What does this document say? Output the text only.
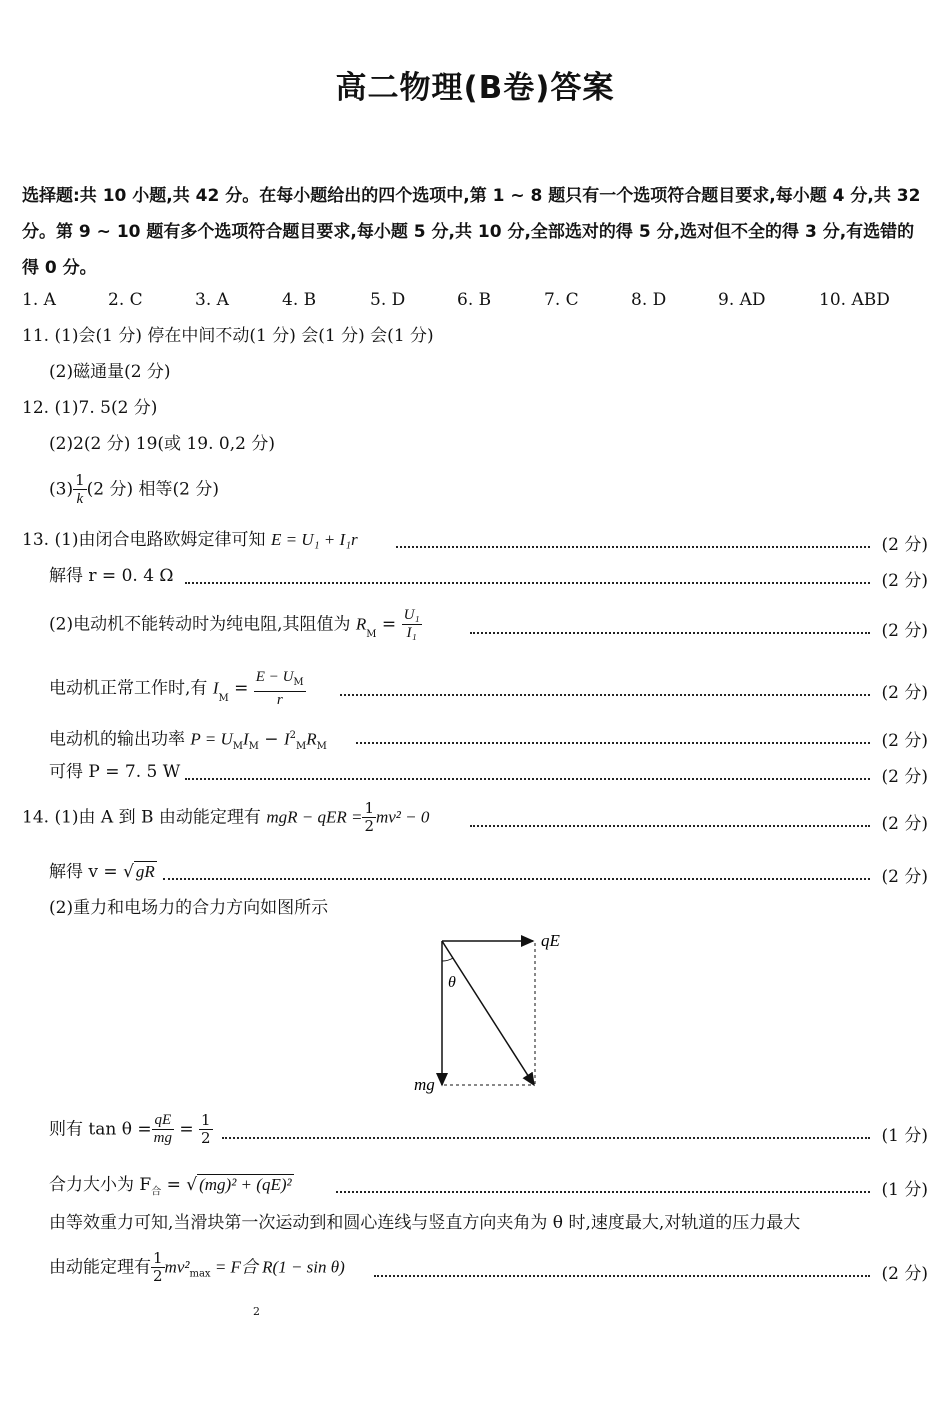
高二物理(B卷)答案
选择题:共 10 小题,共 42 分。在每小题给出的四个选项中,第 1 ~ 8 题只有一个选项符合题目要求,每小题 4 分,共 32 分。第 9 ~ 10 题有多个选项符合题目要求,每小题 5 分,共 10 分,全部选对的得 5 分,选对但不全的得 3 分,有选错的得 0 分。
1. A	2. C	3. A	4. B	5. D	6. B	7. C	8. D	9. AD	10. ABD
11. (1)会(1 分) 停在中间不动(1 分) 会(1 分) 会(1 分)
(2)磁通量(2 分)
12. (1)7. 5(2 分)
(2)2(2 分) 19(或 19. 0,2 分)
$(3) \frac{1}{k} (2$ 分) 相等(2 分)
13. (1)由闭合电路欧姆定律可知 E = U₁ + I₁r	(2 分)
解得 r = 0. 4 Ω	(2 分)
(2)电动机不能转动时为纯电阻,其阻值为 $R_M = \frac{\text{U₁}}{\text{I₁}}$	(2 分)
电动机正常工作时,有 $I_M = \frac{E - U_M}{r}$	(2 分)
电动机的输出功率 $P = U_MI_M - I^2_MR_M$	(2 分)
可得 P = 7. 5 W	(2 分)
14. (1)由 A 到 B 由动能定理有 mgR − qER = $\frac{1}{2} mv^2 - 0$	(2 分)
解得 v = √ gR	(2 分)
(2)重力和电场力的合力方向如图所示
qE
θ
mg
则有 $\tan \theta = \frac{qE}{mg} = \frac{1}{2}$	(1 分)
合力大小为 $F_合$ = √ (mg)² + (qE)²	(1 分)
由等效重力可知,当滑块第一次运动到和圆心连线与竖直方向夹角为 θ 时,速度最大,对轨道的压力最大
由动能定理有 $\frac{1}{2} mv^2_{max} = F$合 R(1 − sin θ)	(2 分)
2
